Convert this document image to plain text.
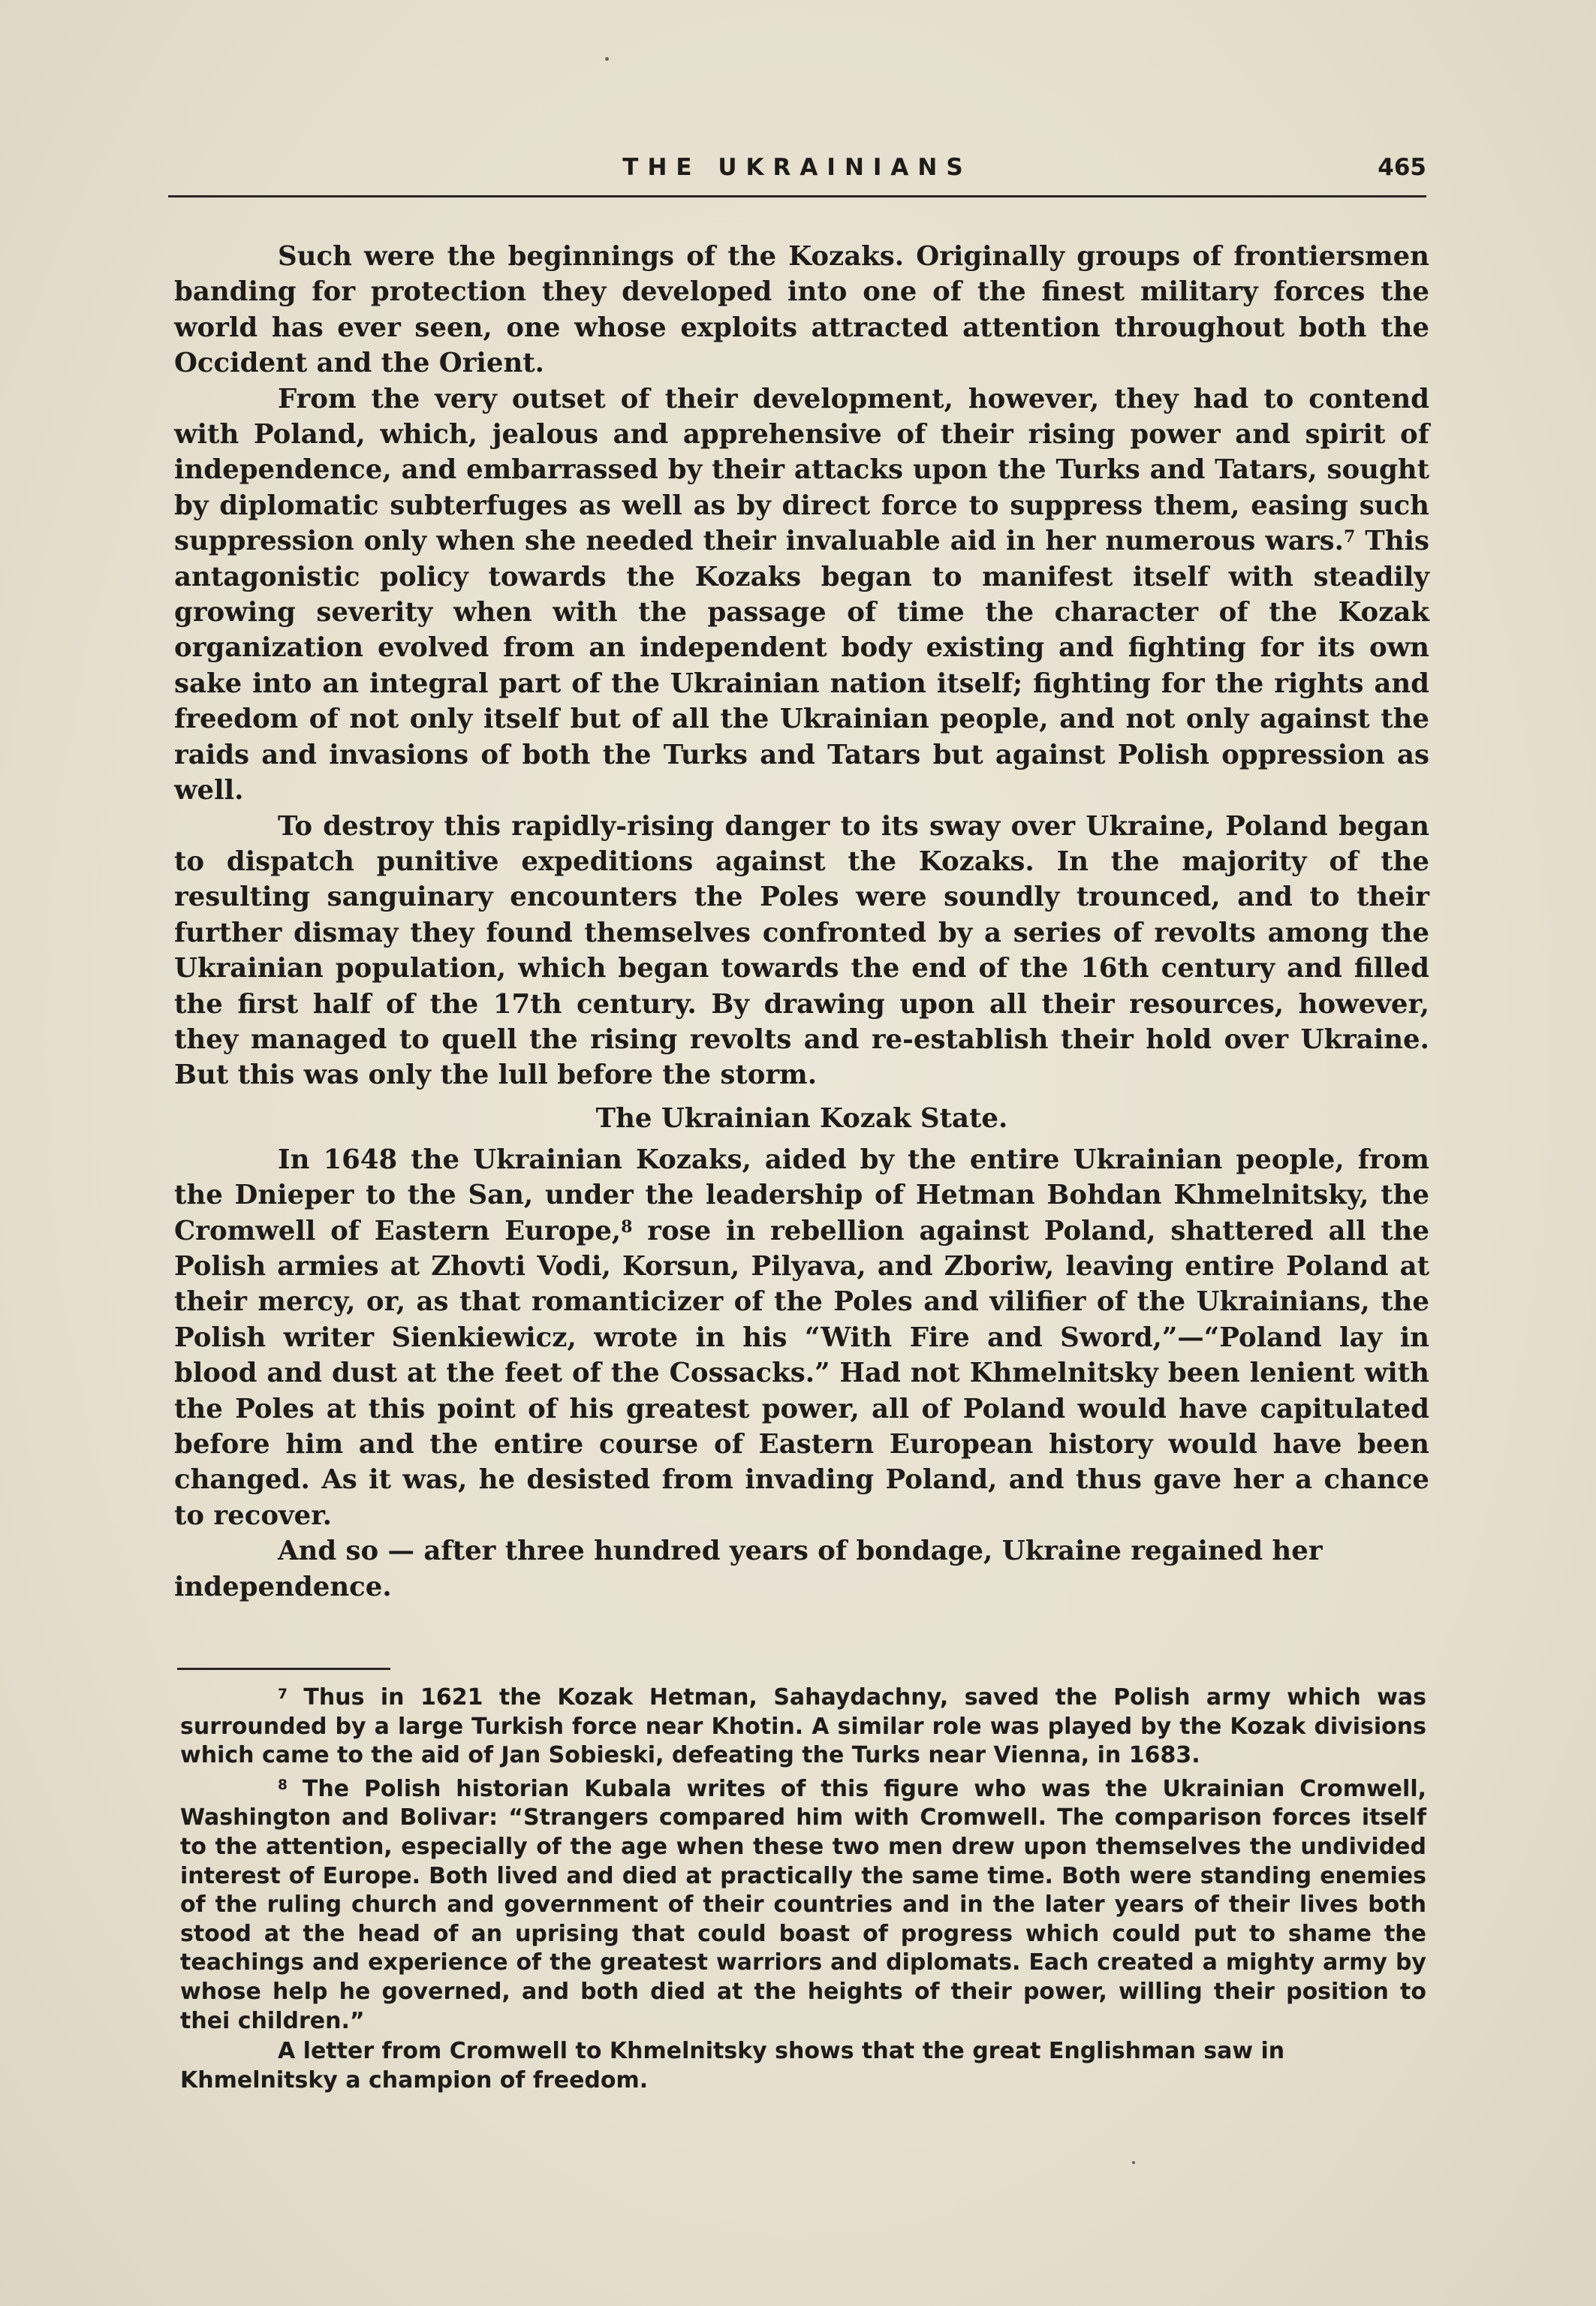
THE UKRAINIANS	465

Such were the beginnings of the Kozaks. Originally groups of frontiersmen banding for protection they developed into one of the finest military forces the world has ever seen, one whose exploits attracted attention throughout both the Occident and the Orient.

From the very outset of their development, however, they had to contend with Poland, which, jealous and apprehensive of their rising power and spirit of independence, and embarrassed by their attacks upon the Turks and Tatars, sought by diplomatic subterfuges as well as by direct force to suppress them, easing such suppression only when she needed their invaluable aid in her numerous wars.$^7$ This antagonistic policy towards the Kozaks began to manifest itself with steadily growing severity when with the passage of time the character of the Kozak organization evolved from an independent body existing and fighting for its own sake into an integral part of the Ukrainian nation itself; fighting for the rights and freedom of not only itself but of all the Ukrainian people, and not only against the raids and invasions of both the Turks and Tatars but against Polish oppression as well.

To destroy this rapidly-rising danger to its sway over Ukraine, Poland began to dispatch punitive expeditions against the Kozaks. In the majority of the resulting sanguinary encounters the Poles were soundly trounced, and to their further dismay they found themselves confronted by a series of revolts among the Ukrainian population, which began towards the end of the 16th century and filled the first half of the 17th century. By drawing upon all their resources, however, they managed to quell the rising revolts and re-establish their hold over Ukraine. But this was only the lull before the storm.

The Ukrainian Kozak State.

In 1648 the Ukrainian Kozaks, aided by the entire Ukrainian people, from the Dnieper to the San, under the leadership of Hetman Bohdan Khmelnitsky, the Cromwell of Eastern Europe,$^8$ rose in rebellion against Poland, shattered all the Polish armies at Zhovti Vodi, Korsun, Pilyava, and Zboriw, leaving entire Poland at their mercy, or, as that romanticizer of the Poles and vilifier of the Ukrainians, the Polish writer Sienkiewicz, wrote in his “With Fire and Sword,”—“Poland lay in blood and dust at the feet of the Cossacks.” Had not Khmelnitsky been lenient with the Poles at this point of his greatest power, all of Poland would have capitulated before him and the entire course of Eastern European history would have been changed. As it was, he desisted from invading Poland, and thus gave her a chance to recover.

And so — after three hundred years of bondage, Ukraine regained her independence.

$^7$ Thus in 1621 the Kozak Hetman, Sahaydachny, saved the Polish army which was surrounded by a large Turkish force near Khotin. A similar role was played by the Kozak divisions which came to the aid of Jan Sobieski, defeating the Turks near Vienna, in 1683.

$^8$ The Polish historian Kubala writes of this figure who was the Ukrainian Cromwell, Washington and Bolivar: “Strangers compared him with Cromwell. The comparison forces itself to the attention, especially of the age when these two men drew upon themselves the undivided interest of Europe. Both lived and died at practically the same time. Both were standing enemies of the ruling church and government of their countries and in the later years of their lives both stood at the head of an uprising that could boast of progress which could put to shame the teachings and experience of the greatest warriors and diplomats. Each created a mighty army by whose help he governed, and both died at the heights of their power, willing their position to thei children.”

A letter from Cromwell to Khmelnitsky shows that the great Englishman saw in Khmelnitsky a champion of freedom.
